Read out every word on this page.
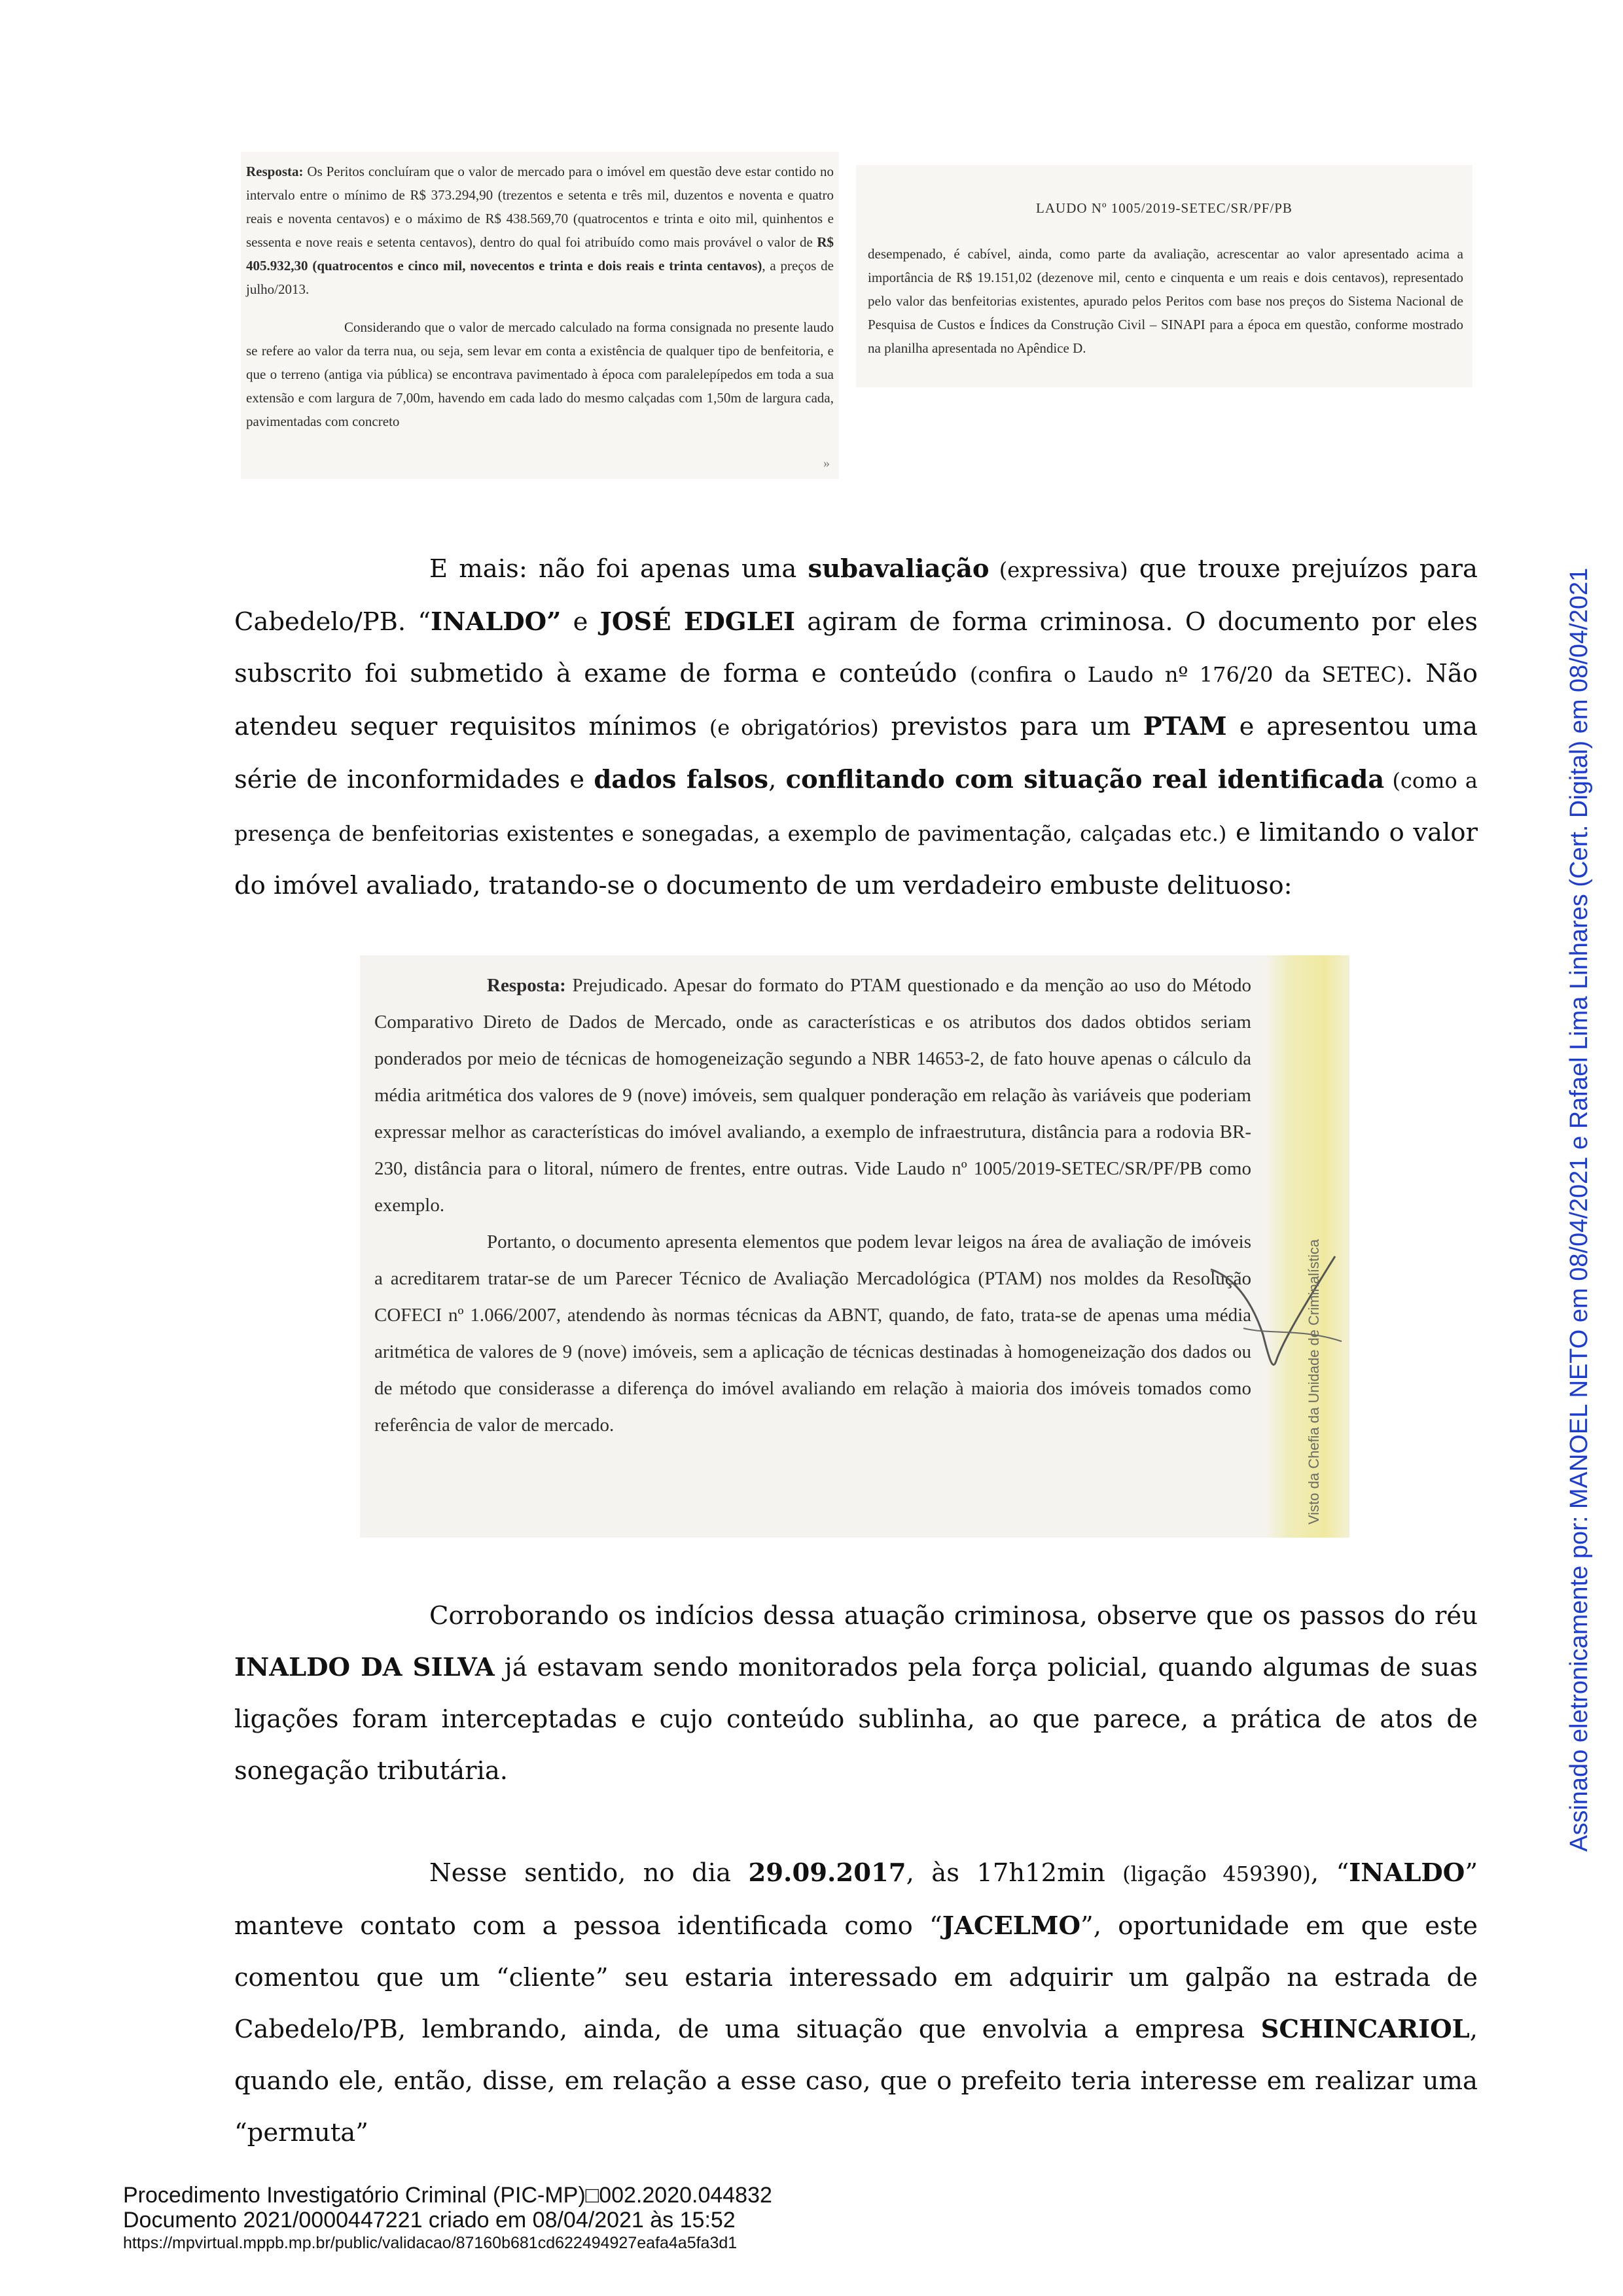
Resposta: Os Peritos concluíram que o valor de mercado para o imóvel em questão deve estar contido no intervalo entre o mínimo de R$ 373.294,90 (trezentos e setenta e três mil, duzentos e noventa e quatro reais e noventa centavos) e o máximo de R$ 438.569,70 (quatrocentos e trinta e oito mil, quinhentos e sessenta e nove reais e setenta centavos), dentro do qual foi atribuído como mais provável o valor de R$ 405.932,30 (quatrocentos e cinco mil, novecentos e trinta e dois reais e trinta centavos), a preços de julho/2013.

Considerando que o valor de mercado calculado na forma consignada no presente laudo se refere ao valor da terra nua, ou seja, sem levar em conta a existência de qualquer tipo de benfeitoria, e que o terreno (antiga via pública) se encontrava pavimentado à época com paralelepípedos em toda a sua extensão e com largura de 7,00m, havendo em cada lado do mesmo calçadas com 1,50m de largura cada, pavimentadas com concreto

»
LAUDO Nº 1005/2019-SETEC/SR/PF/PB

desempenado, é cabível, ainda, como parte da avaliação, acrescentar ao valor apresentado acima a importância de R$ 19.151,02 (dezenove mil, cento e cinquenta e um reais e dois centavos), representado pelo valor das benfeitorias existentes, apurado pelos Peritos com base nos preços do Sistema Nacional de Pesquisa de Custos e Índices da Construção Civil – SINAPI para a época em questão, conforme mostrado na planilha apresentada no Apêndice D.

E mais: não foi apenas uma subavaliação (expressiva) que trouxe prejuízos para Cabedelo/PB. “INALDO” e JOSÉ EDGLEI agiram de forma criminosa. O documento por eles subscrito foi submetido à exame de forma e conteúdo (confira o Laudo nº 176/20 da SETEC). Não atendeu sequer requisitos mínimos (e obrigatórios) previstos para um PTAM e apresentou uma série de inconformidades e dados falsos, conflitando com situação real identificada (como a presença de benfeitorias existentes e sonegadas, a exemplo de pavimentação, calçadas etc.) e limitando o valor do imóvel avaliado, tratando-se o documento de um verdadeiro embuste delituoso:

Resposta: Prejudicado. Apesar do formato do PTAM questionado e da menção ao uso do Método Comparativo Direto de Dados de Mercado, onde as características e os atributos dos dados obtidos seriam ponderados por meio de técnicas de homogeneização segundo a NBR 14653-2, de fato houve apenas o cálculo da média aritmética dos valores de 9 (nove) imóveis, sem qualquer ponderação em relação às variáveis que poderiam expressar melhor as características do imóvel avaliando, a exemplo de infraestrutura, distância para a rodovia BR-230, distância para o litoral, número de frentes, entre outras. Vide Laudo nº 1005/2019-SETEC/SR/PF/PB como exemplo.

Portanto, o documento apresenta elementos que podem levar leigos na área de avaliação de imóveis a acreditarem tratar-se de um Parecer Técnico de Avaliação Mercadológica (PTAM) nos moldes da Resolução COFECI nº 1.066/2007, atendendo às normas técnicas da ABNT, quando, de fato, trata-se de apenas uma média aritmética de valores de 9 (nove) imóveis, sem a aplicação de técnicas destinadas à homogeneização dos dados ou de método que considerasse a diferença do imóvel avaliando em relação à maioria dos imóveis tomados como referência de valor de mercado.	Visto da Chefia da Unidade de Criminalística

Corroborando os indícios dessa atuação criminosa, observe que os passos do réu INALDO DA SILVA já estavam sendo monitorados pela força policial, quando algumas de suas ligações foram interceptadas e cujo conteúdo sublinha, ao que parece, a prática de atos de sonegação tributária.

Nesse sentido, no dia 29.09.2017, às 17h12min (ligação 459390), “INALDO” manteve contato com a pessoa identificada como “JACELMO”, oportunidade em que este comentou que um “cliente” seu estaria interessado em adquirir um galpão na estrada de Cabedelo/PB, lembrando, ainda, de uma situação que envolvia a empresa SCHINCARIOL, quando ele, então, disse, em relação a esse caso, que o prefeito teria interesse em realizar uma “permuta”

Assinado eletronicamente por: MANOEL NETO em 08/04/2021 e Rafael Lima Linhares (Cert. Digital) em 08/04/2021
Procedimento Investigatório Criminal (PIC-MP)□002.2020.044832
Documento 2021/0000447221 criado em 08/04/2021 às 15:52
https://mpvirtual.mppb.mp.br/public/validacao/87160b681cd622494927eafa4a5fa3d1
